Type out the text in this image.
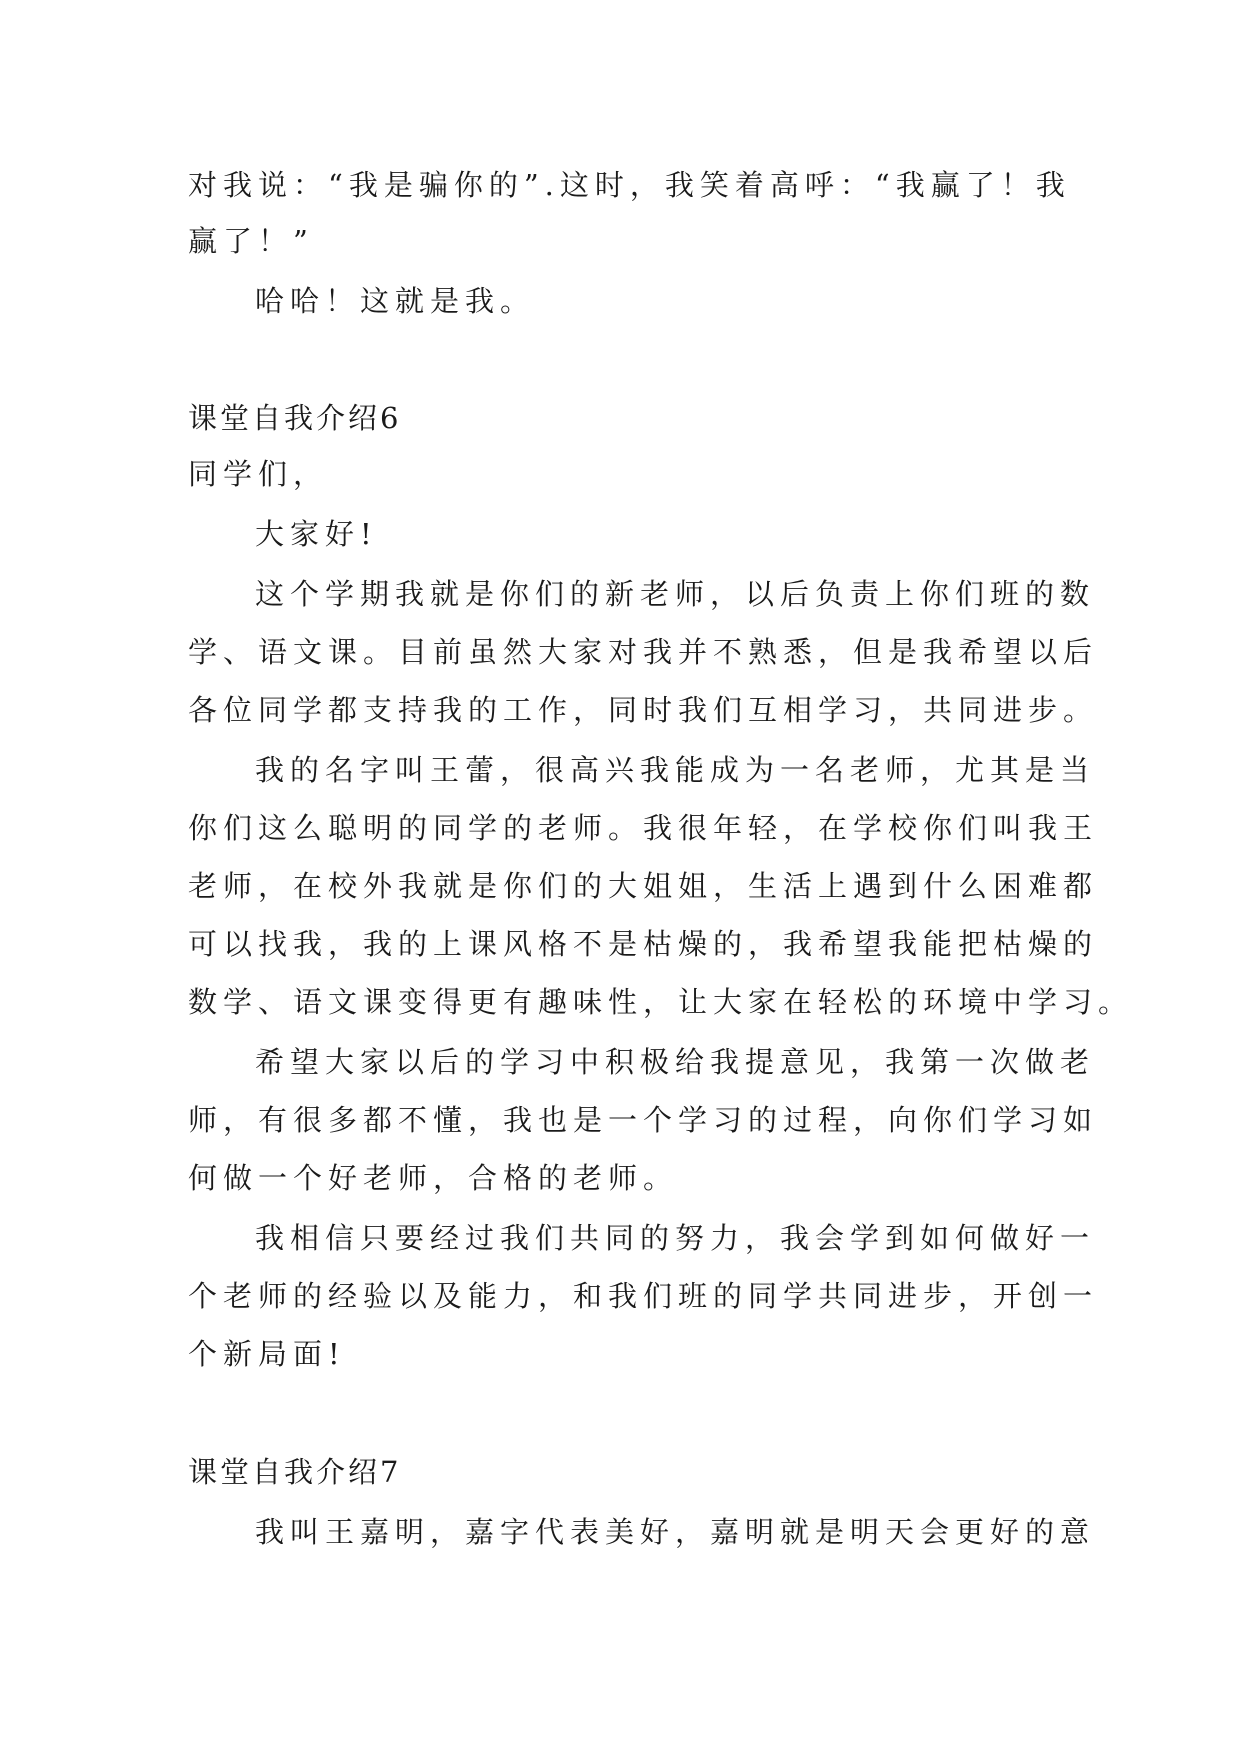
对我说：“我是骗你的”.这时，我笑着高呼：“我赢了！我
赢了！”
哈哈！这就是我。
课堂自我介绍6
同学们，
大家好!
这个学期我就是你们的新老师，以后负责上你们班的数
学、语文课。目前虽然大家对我并不熟悉，但是我希望以后
各位同学都支持我的工作，同时我们互相学习，共同进步。
我的名字叫王蕾，很高兴我能成为一名老师，尤其是当
你们这么聪明的同学的老师。我很年轻，在学校你们叫我王
老师，在校外我就是你们的大姐姐，生活上遇到什么困难都
可以找我，我的上课风格不是枯燥的，我希望我能把枯燥的
数学、语文课变得更有趣味性，让大家在轻松的环境中学习。
希望大家以后的学习中积极给我提意见，我第一次做老
师，有很多都不懂，我也是一个学习的过程，向你们学习如
何做一个好老师，合格的老师。
我相信只要经过我们共同的努力，我会学到如何做好一
个老师的经验以及能力，和我们班的同学共同进步，开创一
个新局面!
课堂自我介绍7
我叫王嘉明，嘉字代表美好，嘉明就是明天会更好的意
